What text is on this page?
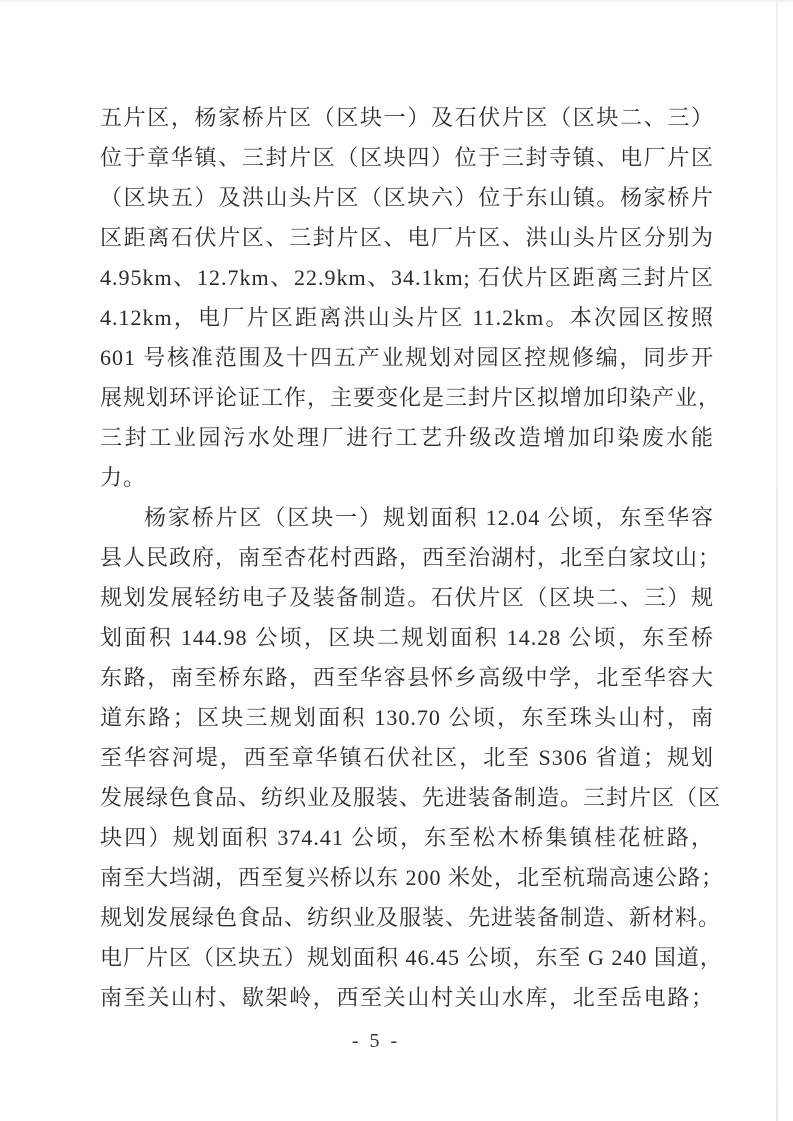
五片区，杨家桥片区（区块一）及石伏片区（区块二、三）
位于章华镇、三封片区（区块四）位于三封寺镇、电厂片区
（区块五）及洪山头片区（区块六）位于东山镇。杨家桥片
区距离石伏片区、三封片区、电厂片区、洪山头片区分别为
4.95km、12.7km、22.9km、34.1km; 石伏片区距离三封片区
4.12km，电厂片区距离洪山头片区 11.2km。本次园区按照
601 号核准范围及十四五产业规划对园区控规修编，同步开
展规划环评论证工作，主要变化是三封片区拟增加印染产业，
三封工业园污水处理厂进行工艺升级改造增加印染废水能
力。
杨家桥片区（区块一）规划面积 12.04 公顷，东至华容
县人民政府，南至杏花村西路，西至治湖村，北至白家坟山；
规划发展轻纺电子及装备制造。石伏片区（区块二、三）规
划面积 144.98 公顷，区块二规划面积 14.28 公顷，东至桥
东路，南至桥东路，西至华容县怀乡高级中学，北至华容大
道东路；区块三规划面积 130.70 公顷，东至珠头山村，南
至华容河堤，西至章华镇石伏社区，北至 S306 省道；规划
发展绿色食品、纺织业及服装、先进装备制造。三封片区（区
块四）规划面积 374.41 公顷，东至松木桥集镇桂花桩路，
南至大垱湖，西至复兴桥以东 200 米处，北至杭瑞高速公路；
规划发展绿色食品、纺织业及服装、先进装备制造、新材料。
电厂片区（区块五）规划面积 46.45 公顷，东至 G 240 国道，
南至关山村、歇架岭，西至关山村关山水库，北至岳电路；
- 5 -
